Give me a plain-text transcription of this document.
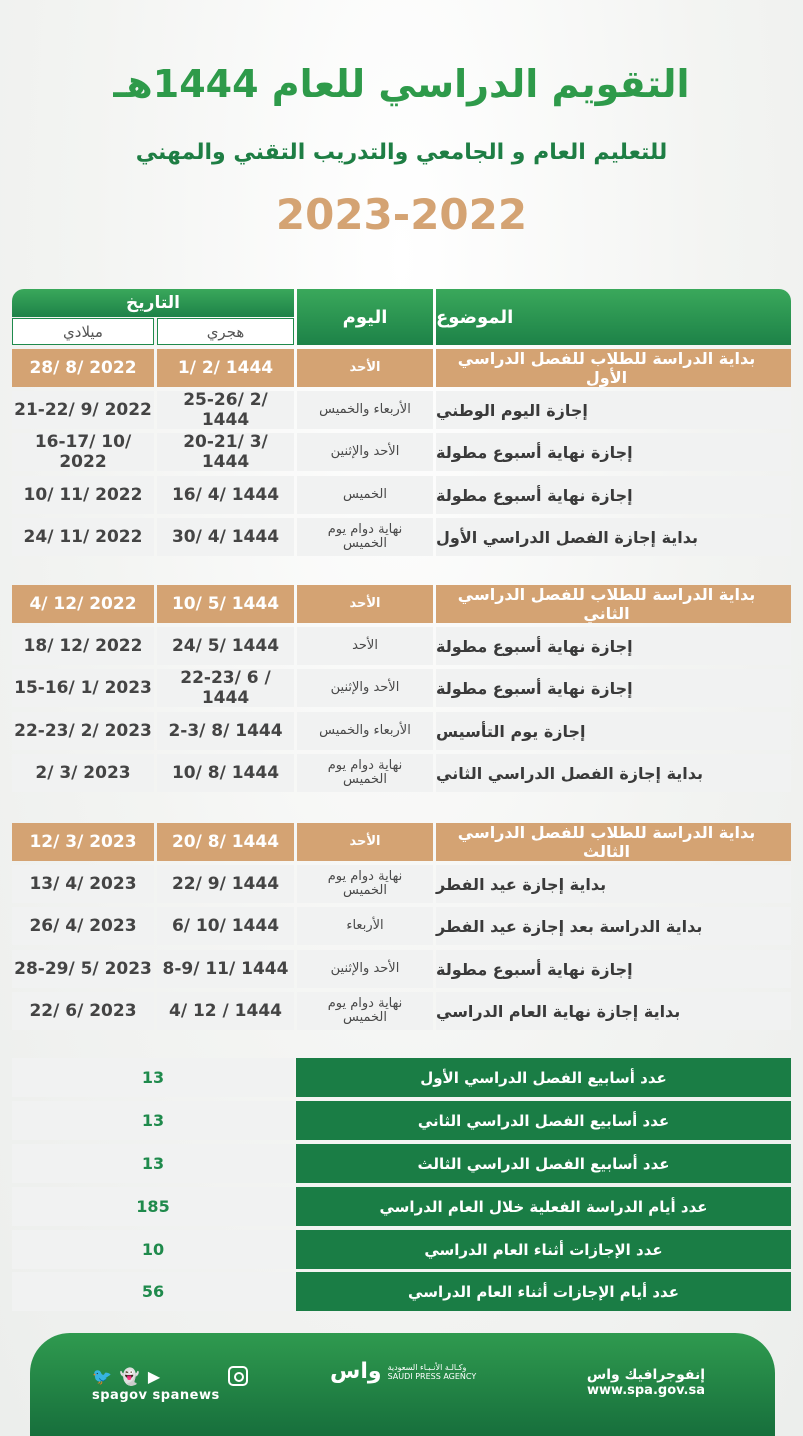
التقويم الدراسي للعام 1444هـ
للتعليم العام و الجامعي والتدريب التقني والمهني
2023-2022
الموضوع
اليوم
التاريخ
هجري
ميلادي
بداية الدراسة للطلاب للفصل الدراسي الأول
الأحد
1/ 2/ 1444
28/ 8/ 2022
إجازة اليوم الوطني
الأربعاء والخميس
25-26/ 2/ 1444
21-22/ 9/ 2022
إجازة نهاية أسبوع مطولة
الأحد والإثنين
20-21/ 3/ 1444
16-17/ 10/ 2022
إجازة نهاية أسبوع مطولة
الخميس
16/ 4/ 1444
10/ 11/ 2022
بداية إجازة الفصل الدراسي الأول
نهاية دوام يوم الخميس
30/ 4/ 1444
24/ 11/ 2022
بداية الدراسة للطلاب للفصل الدراسي الثاني
الأحد
10/ 5/ 1444
4/ 12/ 2022
إجازة نهاية أسبوع مطولة
الأحد
24/ 5/ 1444
18/ 12/ 2022
إجازة نهاية أسبوع مطولة
الأحد والإثنين
22-23/ 6 / 1444
15-16/ 1/ 2023
إجازة يوم التأسيس
الأربعاء والخميس
2-3/ 8/ 1444
22-23/ 2/ 2023
بداية إجازة الفصل الدراسي الثاني
نهاية دوام يوم الخميس
10/ 8/ 1444
2/ 3/ 2023
بداية الدراسة للطلاب للفصل الدراسي الثالث
الأحد
20/ 8/ 1444
12/ 3/ 2023
بداية إجازة عيد الفطر
نهاية دوام يوم الخميس
22/ 9/ 1444
13/ 4/ 2023
بداية الدراسة بعد إجازة عيد الفطر
الأربعاء
6/ 10/ 1444
26/ 4/ 2023
إجازة نهاية أسبوع مطولة
الأحد والإثنين
8-9/ 11/ 1444
28-29/ 5/ 2023
بداية إجازة نهاية العام الدراسي
نهاية دوام يوم الخميس
4/ 12 / 1444
22/ 6/ 2023
عدد أسابيع الفصل الدراسي الأول
13
عدد أسابيع الفصل الدراسي الثاني
13
عدد أسابيع الفصل الدراسي الثالث
13
عدد أيام الدراسة الفعلية خلال العام الدراسي
185
عدد الإجازات أثناء العام الدراسي
10
عدد أيام الإجازات أثناء العام الدراسي
56
🐦 👻 ▶
spagov spanews
واس وكـالـة الأنـبـاء السعودية
SAUDI PRESS AGENCY	إنفوجرافيك واس
www.spa.gov.sa
